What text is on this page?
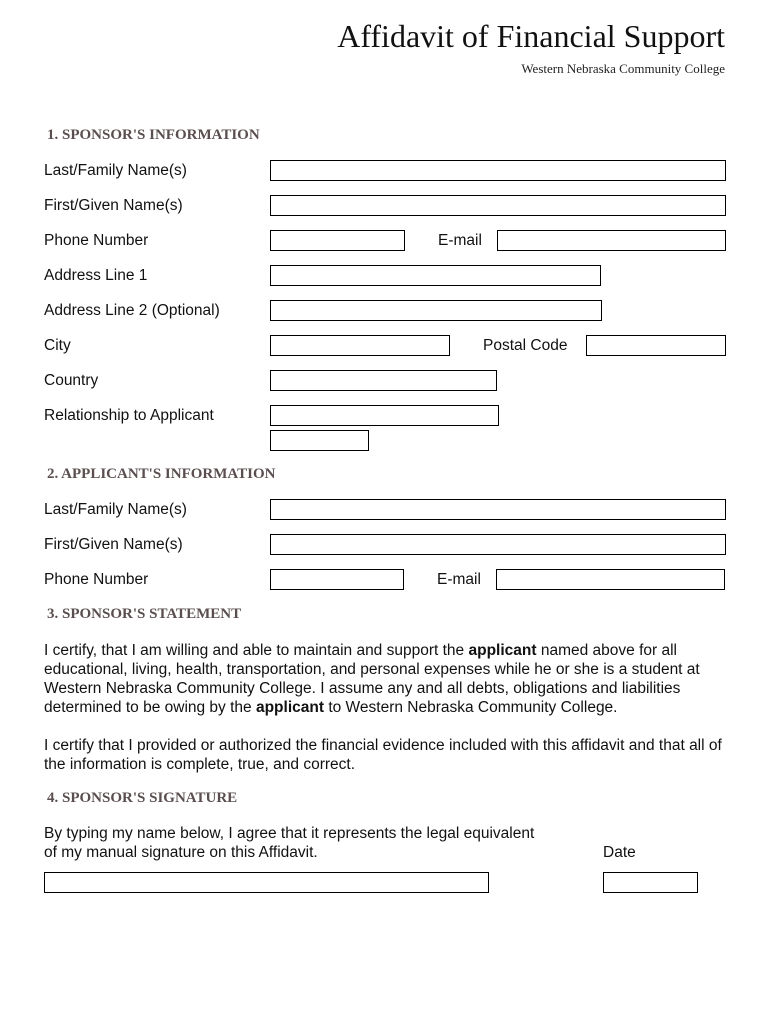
Affidavit of Financial Support
Western Nebraska Community College
1. SPONSOR'S INFORMATION
Last/Family Name(s)
First/Given Name(s)
Phone Number	E-mail
Address Line 1
Address Line 2 (Optional)
City	Postal Code
Country
Relationship to Applicant
2. APPLICANT'S INFORMATION
Last/Family Name(s)
First/Given Name(s)
Phone Number	E-mail
3. SPONSOR'S STATEMENT

I certify, that I am willing and able to maintain and support the applicant named above for all educational, living, health, transportation, and personal expenses while he or she is a student at Western Nebraska Community College. I assume any and all debts, obligations and liabilities determined to be owing by the applicant to Western Nebraska Community College.

I certify that I provided or authorized the financial evidence included with this affidavit and that all of the information is complete, true, and correct.

4. SPONSOR'S SIGNATURE
By typing my name below, I agree that it represents the legal equivalent
of my manual signature on this Affidavit.	Date
